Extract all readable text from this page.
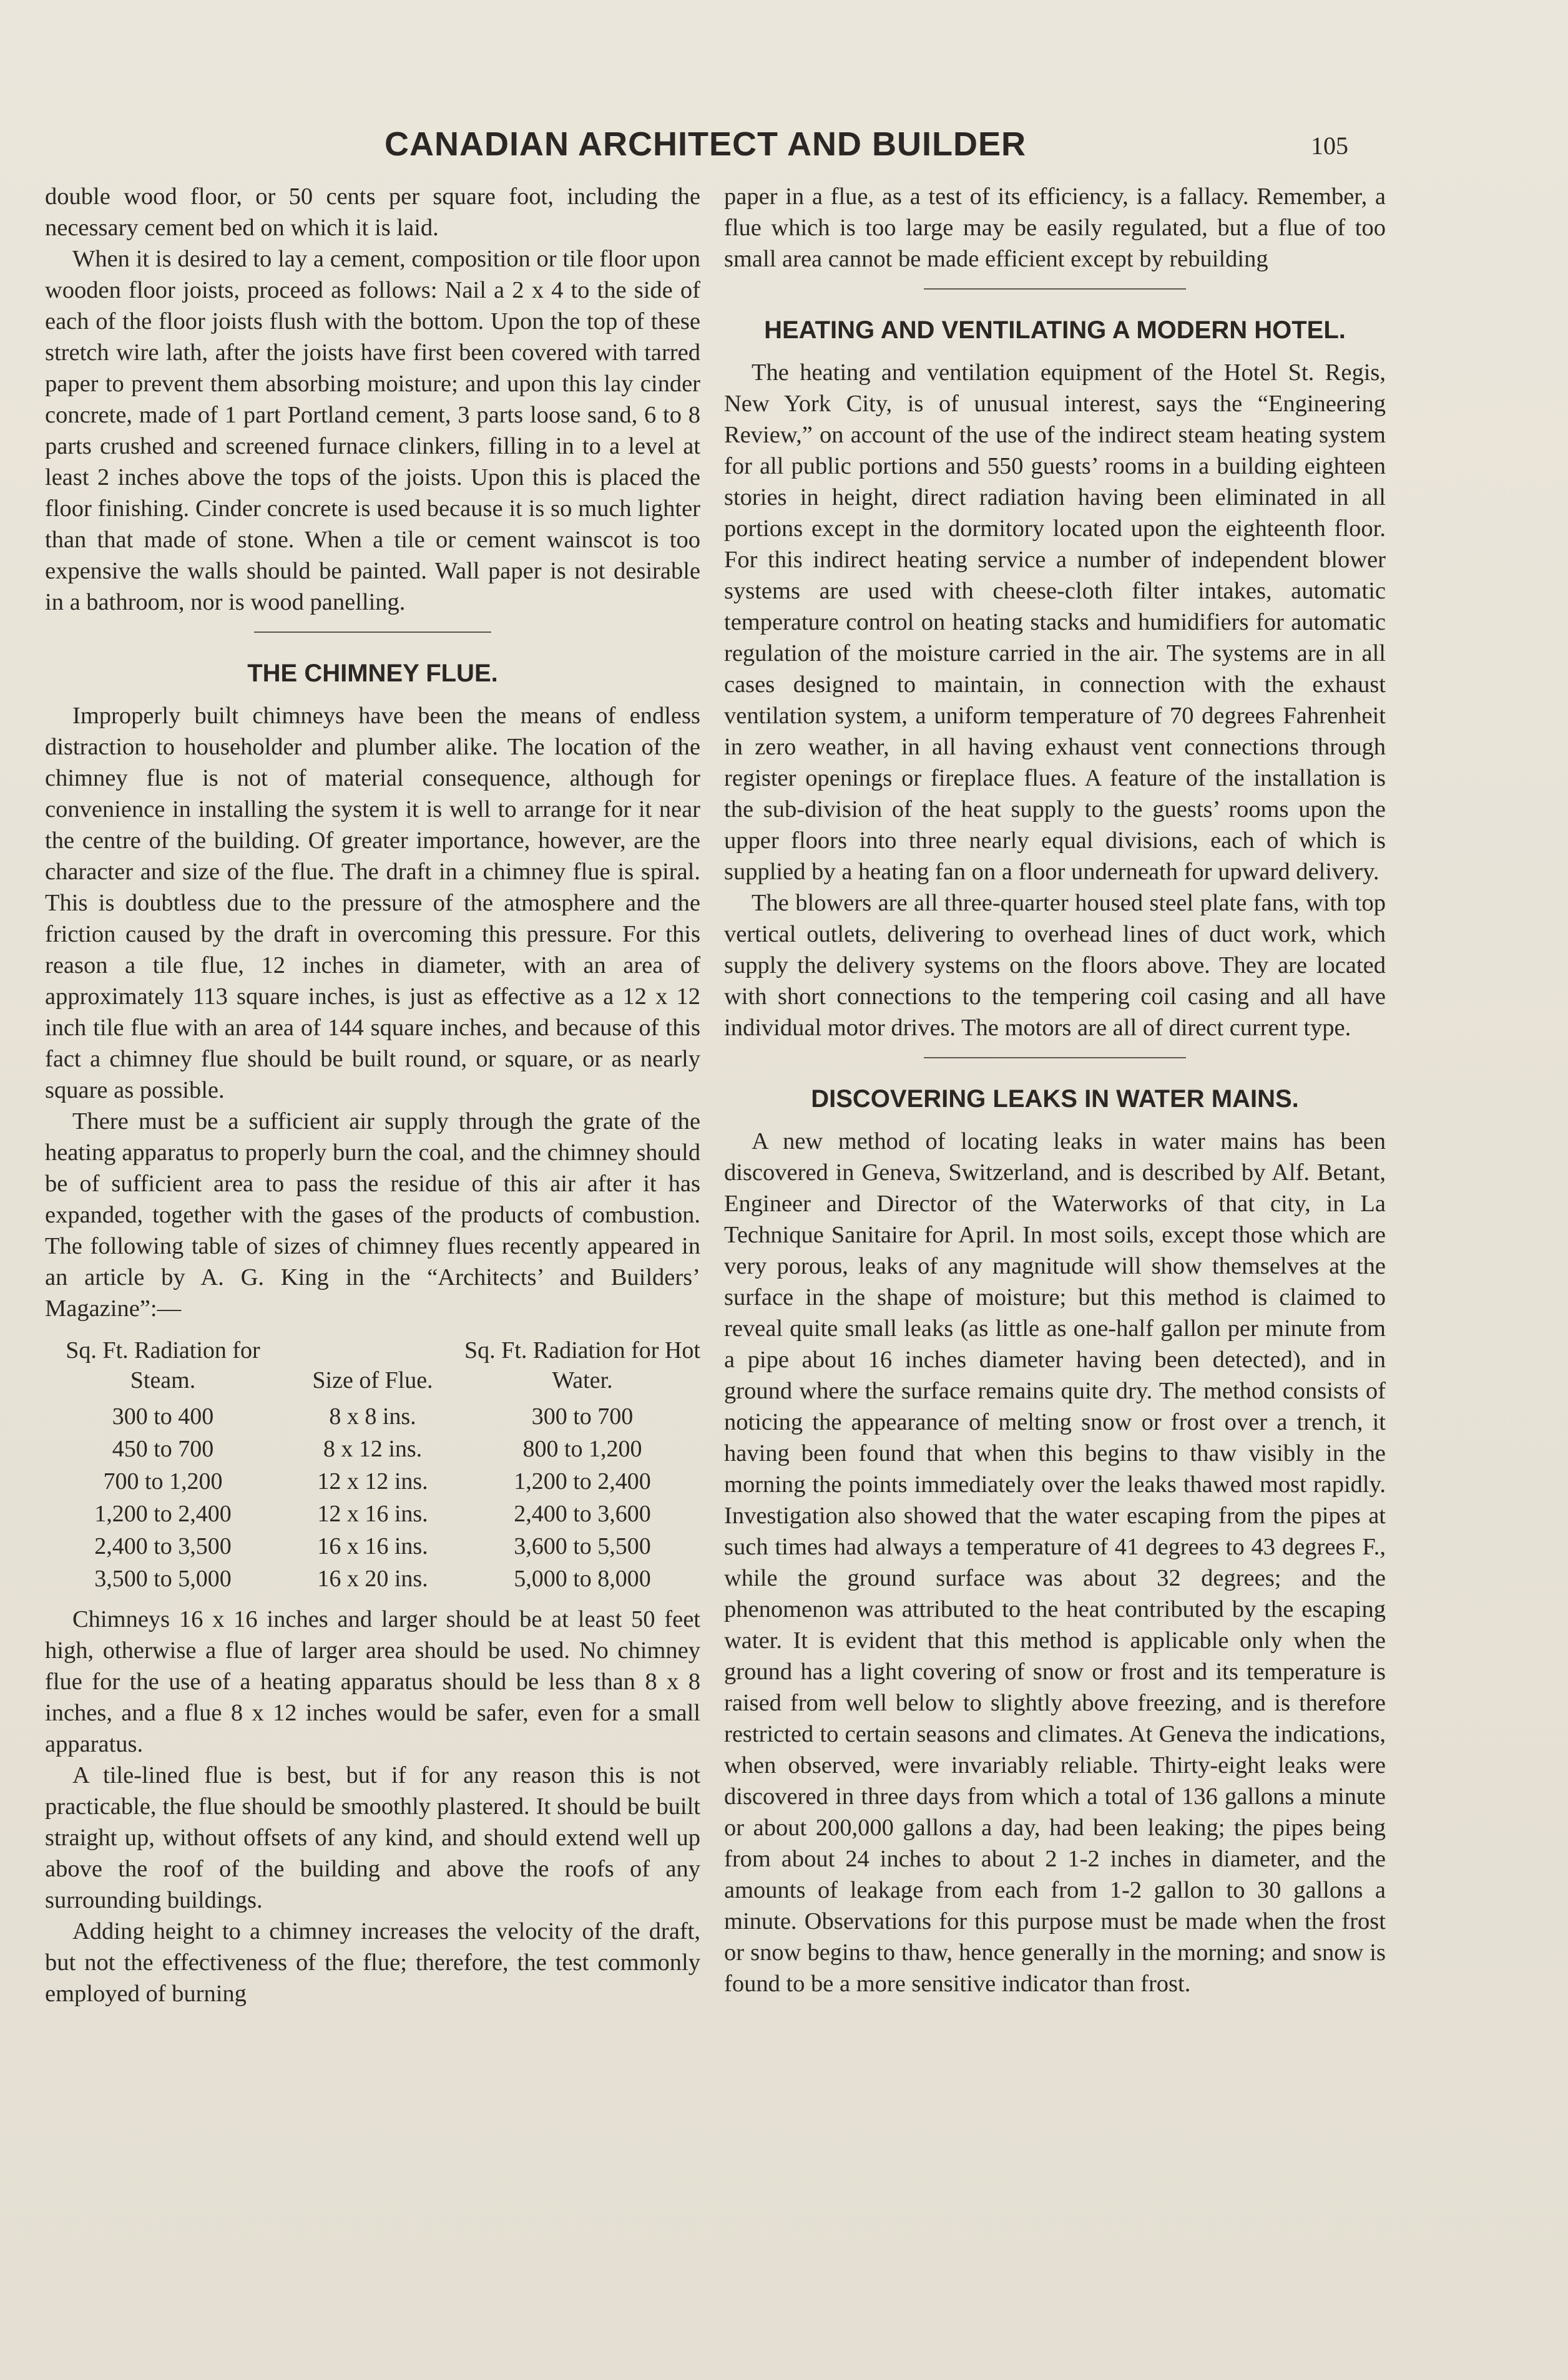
CANADIAN ARCHITECT AND BUILDER	105

double wood floor, or 50 cents per square foot, including the necessary cement bed on which it is laid.

When it is desired to lay a cement, composition or tile floor upon wooden floor joists, proceed as follows: Nail a 2 x 4 to the side of each of the floor joists flush with the bottom. Upon the top of these stretch wire lath, after the joists have first been covered with tarred paper to prevent them absorbing moisture; and upon this lay cinder concrete, made of 1 part Portland cement, 3 parts loose sand, 6 to 8 parts crushed and screened furnace clinkers, filling in to a level at least 2 inches above the tops of the joists. Upon this is placed the floor finishing. Cinder concrete is used because it is so much lighter than that made of stone. When a tile or cement wainscot is too expensive the walls should be painted. Wall paper is not desirable in a bathroom, nor is wood panelling.

THE CHIMNEY FLUE.

Improperly built chimneys have been the means of endless distraction to householder and plumber alike. The location of the chimney flue is not of material consequence, although for convenience in installing the system it is well to arrange for it near the centre of the building. Of greater importance, however, are the character and size of the flue. The draft in a chimney flue is spiral. This is doubtless due to the pressure of the atmosphere and the friction caused by the draft in overcoming this pressure. For this reason a tile flue, 12 inches in diameter, with an area of approximately 113 square inches, is just as effective as a 12 x 12 inch tile flue with an area of 144 square inches, and because of this fact a chimney flue should be built round, or square, or as nearly square as possible.

There must be a sufficient air supply through the grate of the heating apparatus to properly burn the coal, and the chimney should be of sufficient area to pass the residue of this air after it has expanded, together with the gases of the products of combustion. The following table of sizes of chimney flues recently appeared in an article by A. G. King in the “Architects’ and Builders’ Magazine”:—

Sq. Ft. Radiation for Steam.	Size of Flue.	Sq. Ft. Radiation for Hot Water.
300 to 400	8 x 8 ins.	300 to 700
450 to 700	8 x 12 ins.	800 to 1,200
700 to 1,200	12 x 12 ins.	1,200 to 2,400
1,200 to 2,400	12 x 16 ins.	2,400 to 3,600
2,400 to 3,500	16 x 16 ins.	3,600 to 5,500
3,500 to 5,000	16 x 20 ins.	5,000 to 8,000

Chimneys 16 x 16 inches and larger should be at least 50 feet high, otherwise a flue of larger area should be used. No chimney flue for the use of a heating apparatus should be less than 8 x 8 inches, and a flue 8 x 12 inches would be safer, even for a small apparatus.

A tile-lined flue is best, but if for any reason this is not practicable, the flue should be smoothly plastered. It should be built straight up, without offsets of any kind, and should extend well up above the roof of the building and above the roofs of any surrounding buildings.

Adding height to a chimney increases the velocity of the draft, but not the effectiveness of the flue; therefore, the test commonly employed of burning

paper in a flue, as a test of its efficiency, is a fallacy. Remember, a flue which is too large may be easily regulated, but a flue of too small area cannot be made efficient except by rebuilding

HEATING AND VENTILATING A MODERN HOTEL.

The heating and ventilation equipment of the Hotel St. Regis, New York City, is of unusual interest, says the “Engineering Review,” on account of the use of the indirect steam heating system for all public portions and 550 guests’ rooms in a building eighteen stories in height, direct radiation having been eliminated in all portions except in the dormitory located upon the eighteenth floor. For this indirect heating service a number of independent blower systems are used with cheese-cloth filter intakes, automatic temperature control on heating stacks and humidifiers for automatic regulation of the moisture carried in the air. The systems are in all cases designed to maintain, in connection with the exhaust ventilation system, a uniform temperature of 70 degrees Fahrenheit in zero weather, in all having exhaust vent connections through register openings or fireplace flues. A feature of the installation is the sub-division of the heat supply to the guests’ rooms upon the upper floors into three nearly equal divisions, each of which is supplied by a heating fan on a floor underneath for upward delivery.

The blowers are all three-quarter housed steel plate fans, with top vertical outlets, delivering to overhead lines of duct work, which supply the delivery systems on the floors above. They are located with short connections to the tempering coil casing and all have individual motor drives. The motors are all of direct current type.

DISCOVERING LEAKS IN WATER MAINS.

A new method of locating leaks in water mains has been discovered in Geneva, Switzerland, and is described by Alf. Betant, Engineer and Director of the Waterworks of that city, in La Technique Sanitaire for April. In most soils, except those which are very porous, leaks of any magnitude will show themselves at the surface in the shape of moisture; but this method is claimed to reveal quite small leaks (as little as one-half gallon per minute from a pipe about 16 inches diameter having been detected), and in ground where the surface remains quite dry. The method consists of noticing the appearance of melting snow or frost over a trench, it having been found that when this begins to thaw visibly in the morning the points immediately over the leaks thawed most rapidly. Investigation also showed that the water escaping from the pipes at such times had always a temperature of 41 degrees to 43 degrees F., while the ground surface was about 32 degrees; and the phenomenon was attributed to the heat contributed by the escaping water. It is evident that this method is applicable only when the ground has a light covering of snow or frost and its temperature is raised from well below to slightly above freezing, and is therefore restricted to certain seasons and climates. At Geneva the indications, when observed, were invariably reliable. Thirty-eight leaks were discovered in three days from which a total of 136 gallons a minute or about 200,000 gallons a day, had been leaking; the pipes being from about 24 inches to about 2 1-2 inches in diameter, and the amounts of leakage from each from 1-2 gallon to 30 gallons a minute. Observations for this purpose must be made when the frost or snow begins to thaw, hence generally in the morning; and snow is found to be a more sensitive indicator than frost.
